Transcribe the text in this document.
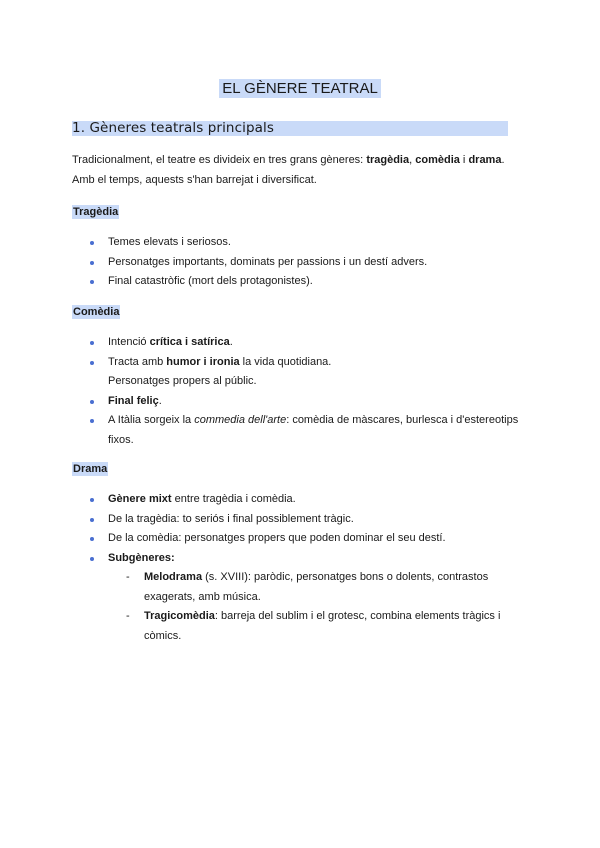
EL GÈNERE TEATRAL
1. Gèneres teatrals principals
Tradicionalment, el teatre es divideix en tres grans gèneres: tragèdia, comèdia i drama.
Amb el temps, aquests s'han barrejat i diversificat.
Tragèdia
Temes elevats i seriosos.
Personatges importants, dominats per passions i un destí advers.
Final catastròfic (mort dels protagonistes).
Comèdia
Intenció crítica i satírica.
Tracta amb humor i ironia la vida quotidiana.
Personatges propers al públic.
Final feliç.
A Itàlia sorgeix la commedia dell'arte: comèdia de màscares, burlesca i d'estereotips fixos.
Drama
Gènere mixt entre tragèdia i comèdia.
De la tragèdia: to seriós i final possiblement tràgic.
De la comèdia: personatges propers que poden dominar el seu destí.
Subgèneres:
- Melodrama (s. XVIII): paròdic, personatges bons o dolents, contrastos exagerats, amb música.
- Tragicomèdia: barreja del sublim i el grotesc, combina elements tràgics i còmics.
